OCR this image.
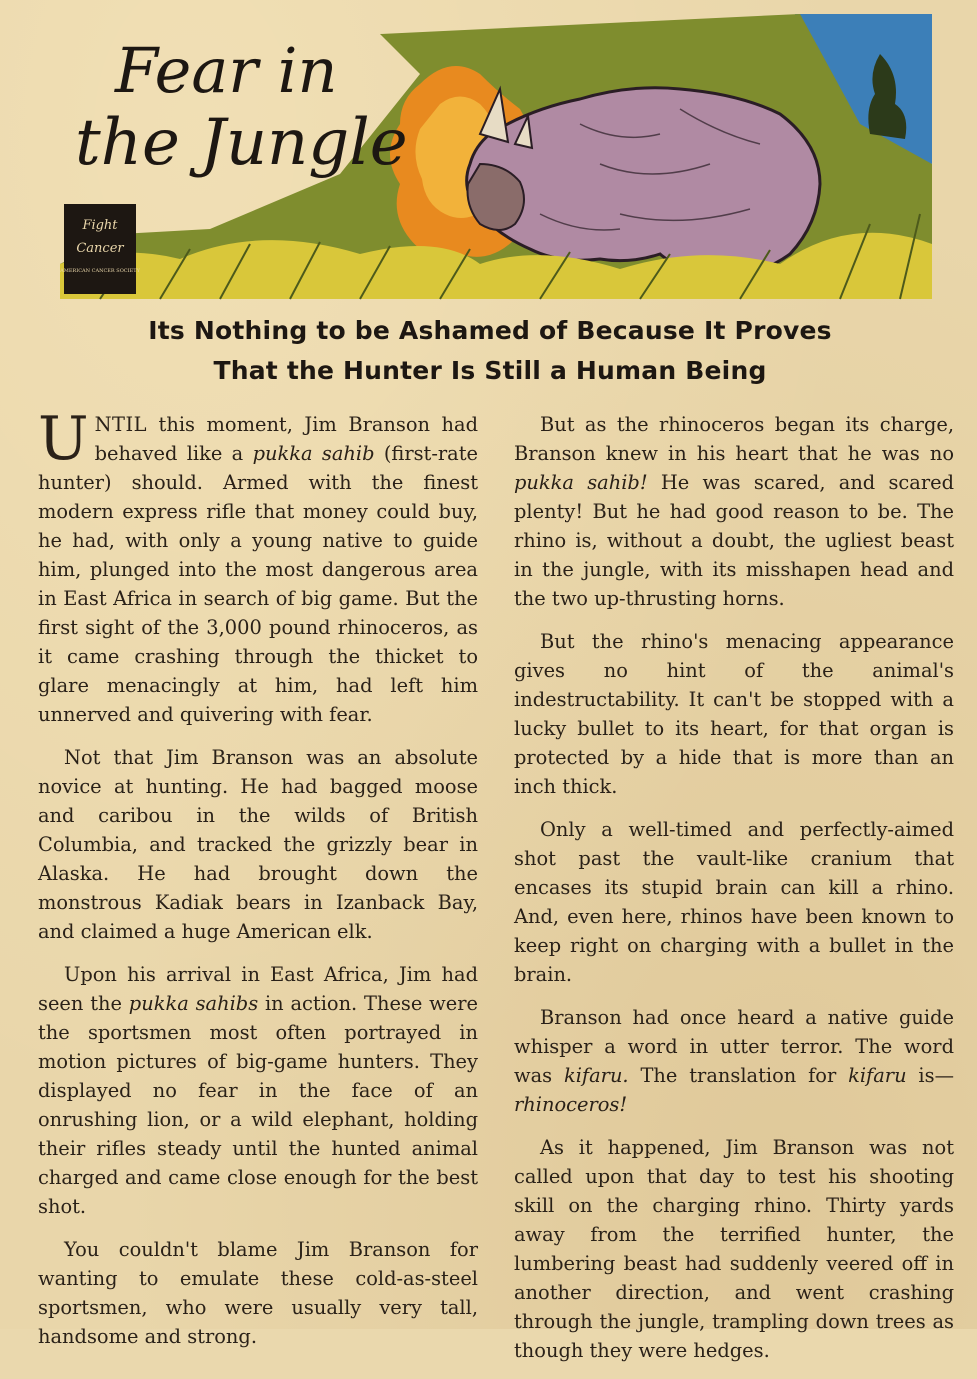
Fear in
the Jungle
Fight
Cancer
AMERICAN CANCER SOCIETY
Its Nothing to be Ashamed of Because It Proves
That the Hunter Is Still a Human Being

UNTIL this moment, Jim Branson had behaved like a pukka sahib (first-rate hunter) should. Armed with the finest modern express rifle that money could buy, he had, with only a young native to guide him, plunged into the most dangerous area in East Africa in search of big game. But the first sight of the 3,000 pound rhinoceros, as it came crashing through the thicket to glare menacingly at him, had left him unnerved and quivering with fear.

Not that Jim Branson was an absolute novice at hunting. He had bagged moose and caribou in the wilds of British Columbia, and tracked the grizzly bear in Alaska. He had brought down the monstrous Kadiak bears in Izanback Bay, and claimed a huge American elk.

Upon his arrival in East Africa, Jim had seen the pukka sahibs in action. These were the sportsmen most often portrayed in motion pictures of big-game hunters. They displayed no fear in the face of an onrushing lion, or a wild elephant, holding their rifles steady until the hunted animal charged and came close enough for the best shot.

You couldn't blame Jim Branson for wanting to emulate these cold-as-steel sportsmen, who were usually very tall, handsome and strong.

But as the rhinoceros began its charge, Branson knew in his heart that he was no pukka sahib! He was scared, and scared plenty! But he had good reason to be. The rhino is, without a doubt, the ugliest beast in the jungle, with its misshapen head and the two up-thrusting horns.

But the rhino's menacing appearance gives no hint of the animal's indestructability. It can't be stopped with a lucky bullet to its heart, for that organ is protected by a hide that is more than an inch thick.

Only a well-timed and perfectly-aimed shot past the vault-like cranium that encases its stupid brain can kill a rhino. And, even here, rhinos have been known to keep right on charging with a bullet in the brain.

Branson had once heard a native guide whisper a word in utter terror. The word was kifaru. The translation for kifaru is—rhinoceros!

As it happened, Jim Branson was not called upon that day to test his shooting skill on the charging rhino. Thirty yards away from the terrified hunter, the lumbering beast had suddenly veered off in another direction, and went crashing through the jungle, trampling down trees as though they were hedges.
